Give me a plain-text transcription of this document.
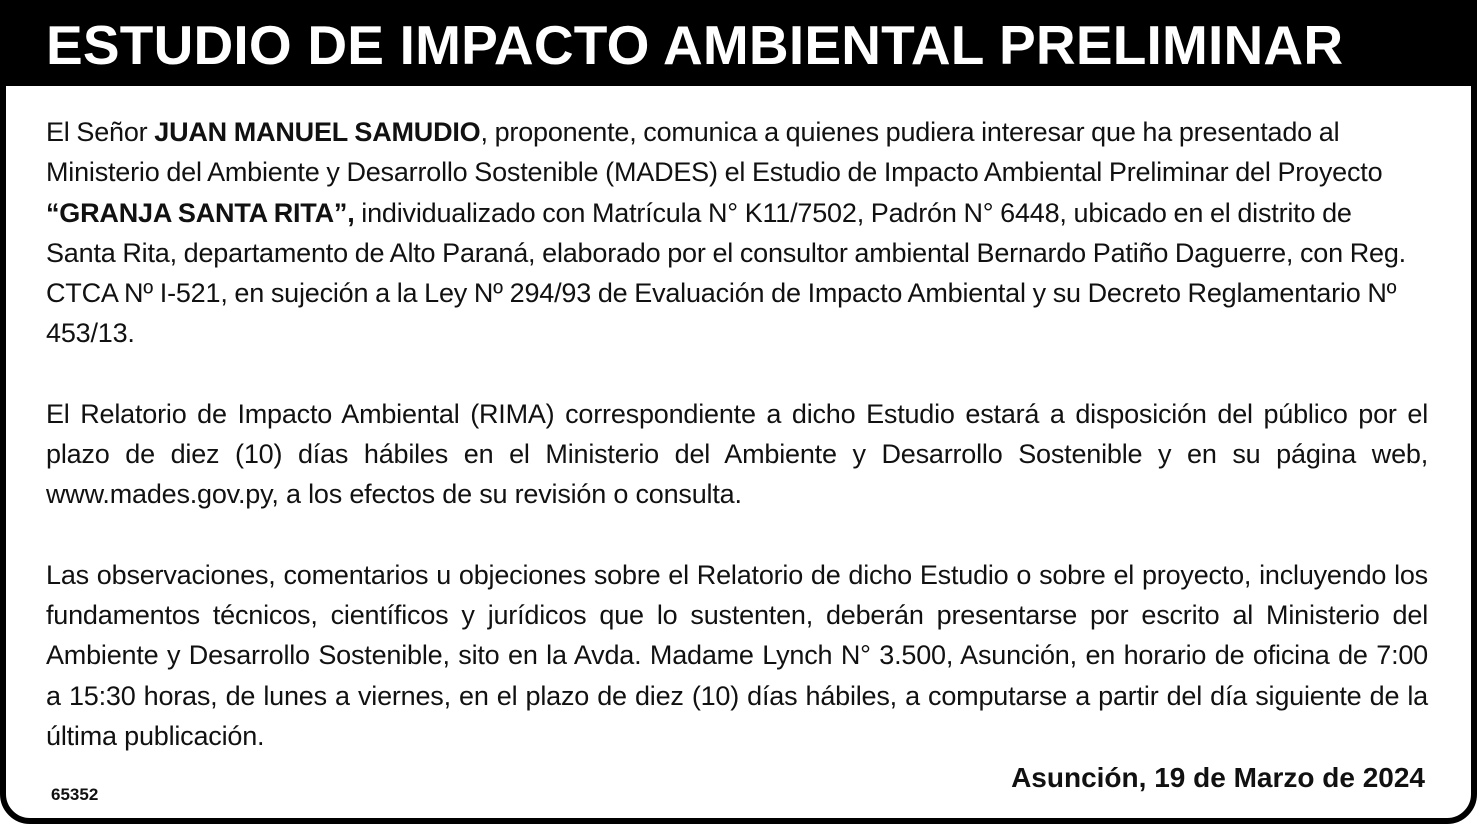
ESTUDIO DE IMPACTO AMBIENTAL PRELIMINAR

El Señor JUAN MANUEL SAMUDIO, proponente, comunica a quienes pudiera interesar que ha presentado al Ministerio del Ambiente y Desarrollo Sostenible (MADES) el Estudio de Impacto Ambiental Preliminar del Proyecto “GRANJA SANTA RITA”, individualizado con Matrícula N° K11/7502, Padrón N° 6448, ubicado en el distrito de Santa Rita, departamento de Alto Paraná, elaborado por el consultor ambiental Bernardo Patiño Daguerre, con Reg. CTCA Nº I-521, en sujeción a la Ley Nº 294/93 de Evaluación de Impacto Ambiental y su Decreto Reglamentario Nº 453/13.

El Relatorio de Impacto Ambiental (RIMA) correspondiente a dicho Estudio estará a disposición del público por el plazo de diez (10) días hábiles en el Ministerio del Ambiente y Desarrollo Sostenible y en su página web, www.mades.gov.py, a los efectos de su revisión o consulta.

Las observaciones, comentarios u objeciones sobre el Relatorio de dicho Estudio o sobre el proyecto, incluyendo los fundamentos técnicos, científicos y jurídicos que lo sustenten, deberán presentarse por escrito al Ministerio del Ambiente y Desarrollo Sostenible, sito en la Avda. Madame Lynch N° 3.500, Asunción, en horario de oficina de 7:00 a 15:30 horas, de lunes a viernes, en el plazo de diez (10) días hábiles, a computarse a partir del día siguiente de la última publicación.

Asunción, 19 de Marzo de 2024

65352
